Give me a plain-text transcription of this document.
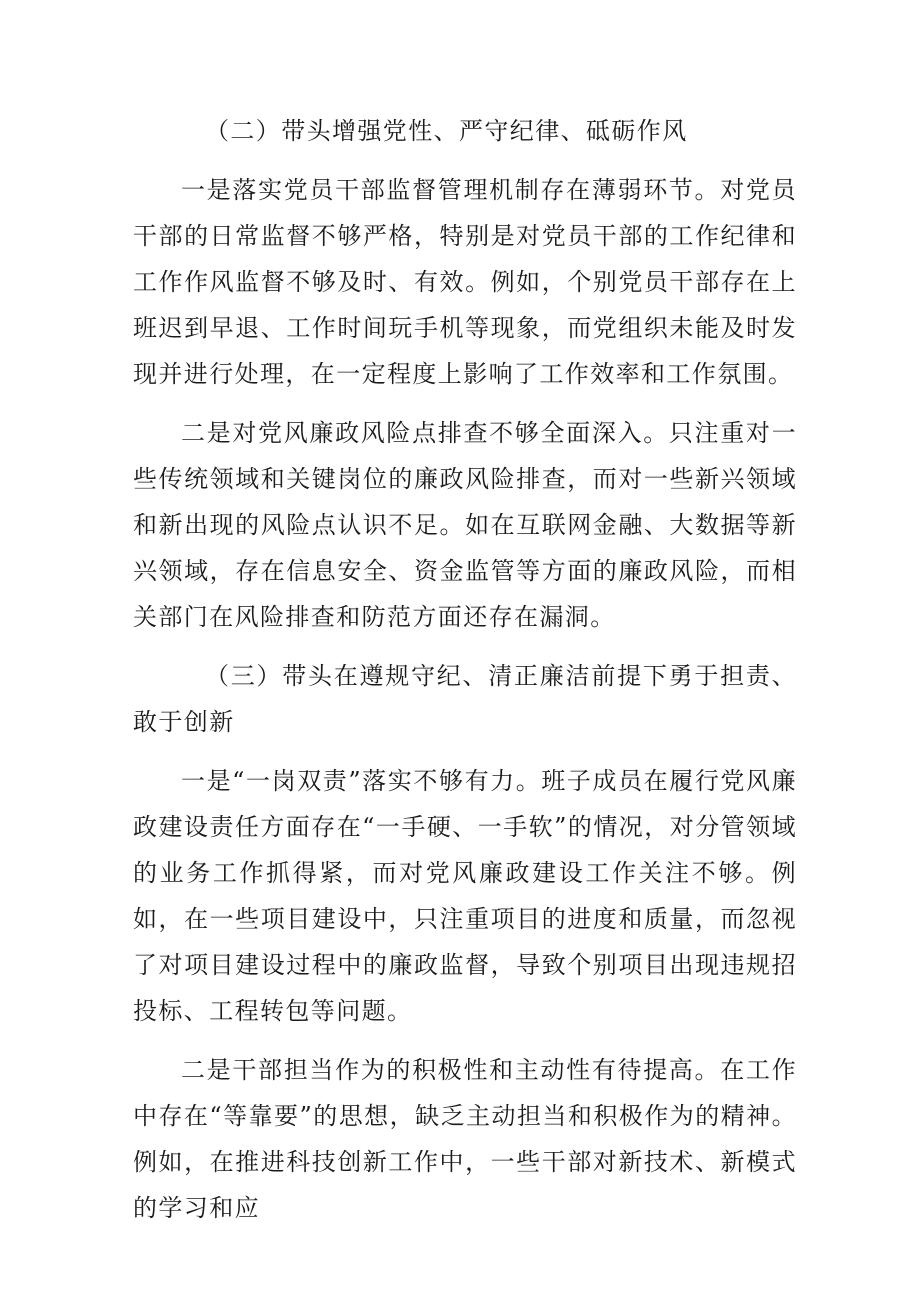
（二）带头增强党性、严守纪律、砥砺作风

一是落实党员干部监督管理机制存在薄弱环节。对党员干部的日常监督不够严格，特别是对党员干部的工作纪律和工作作风监督不够及时、有效。例如，个别党员干部存在上班迟到早退、工作时间玩手机等现象，而党组织未能及时发现并进行处理，在一定程度上影响了工作效率和工作氛围。

二是对党风廉政风险点排查不够全面深入。只注重对一些传统领域和关键岗位的廉政风险排查，而对一些新兴领域和新出现的风险点认识不足。如在互联网金融、大数据等新兴领域，存在信息安全、资金监管等方面的廉政风险，而相关部门在风险排查和防范方面还存在漏洞。

（三）带头在遵规守纪、清正廉洁前提下勇于担责、敢于创新

一是“一岗双责”落实不够有力。班子成员在履行党风廉政建设责任方面存在“一手硬、一手软”的情况，对分管领域的业务工作抓得紧，而对党风廉政建设工作关注不够。例如，在一些项目建设中，只注重项目的进度和质量，而忽视了对项目建设过程中的廉政监督，导致个别项目出现违规招投标、工程转包等问题。

二是干部担当作为的积极性和主动性有待提高。在工作中存在“等靠要”的思想，缺乏主动担当和积极作为的精神。例如，在推进科技创新工作中，一些干部对新技术、新模式的学习和应
